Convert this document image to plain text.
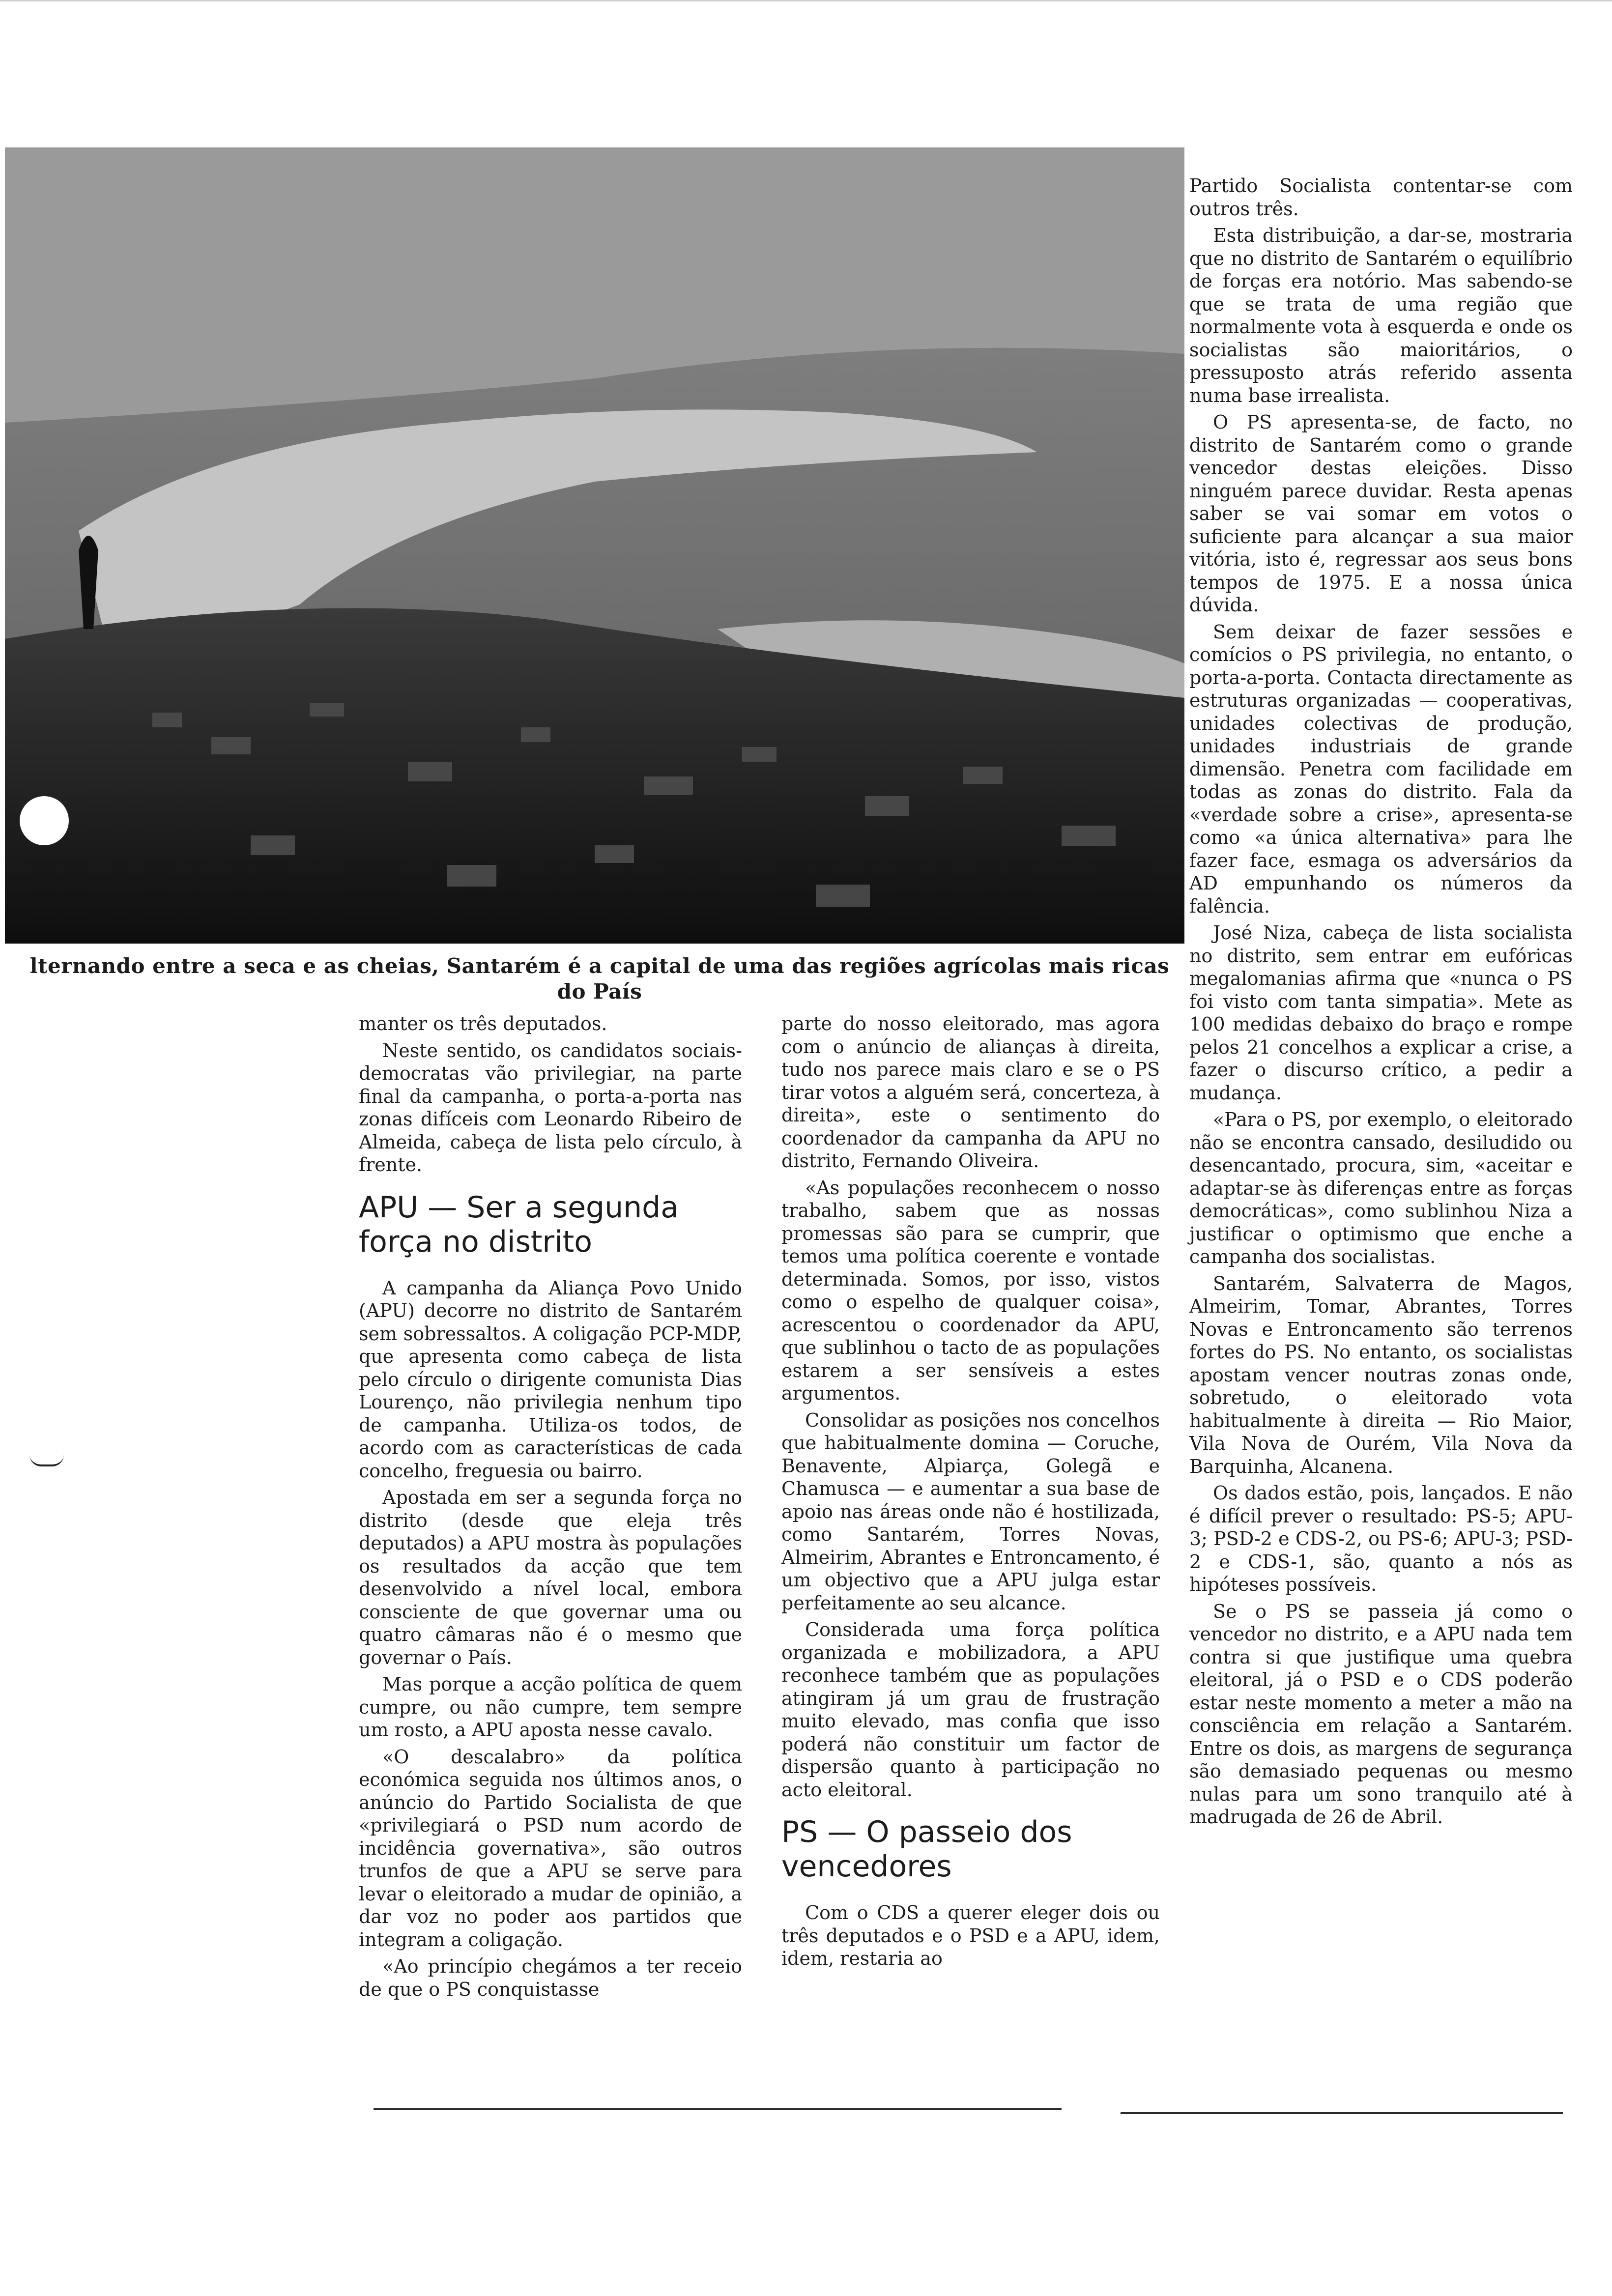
lternando entre a seca e as cheias, Santarém é a capital de uma das regiões agrícolas mais ricas
do País

manter os três deputados.

Neste sentido, os candidatos sociais-democratas vão privilegiar, na parte final da campanha, o porta-a-porta nas zonas difíceis com Leonardo Ribeiro de Almeida, cabeça de lista pelo círculo, à frente.

APU — Ser a segunda força no distrito

A campanha da Aliança Povo Unido (APU) decorre no distrito de Santarém sem sobressaltos. A coligação PCP-MDP, que apresenta como cabeça de lista pelo círculo o dirigente comunista Dias Lourenço, não privilegia nenhum tipo de campanha. Utiliza-os todos, de acordo com as características de cada concelho, freguesia ou bairro.

Apostada em ser a segunda força no distrito (desde que eleja três deputados) a APU mostra às populações os resultados da acção que tem desenvolvido a nível local, embora consciente de que governar uma ou quatro câmaras não é o mesmo que governar o País.

Mas porque a acção política de quem cumpre, ou não cumpre, tem sempre um rosto, a APU aposta nesse cavalo.

«O descalabro» da política económica seguida nos últimos anos, o anúncio do Partido Socialista de que «privilegiará o PSD num acordo de incidência governativa», são outros trunfos de que a APU se serve para levar o eleitorado a mudar de opinião, a dar voz no poder aos partidos que integram a coligação.

«Ao princípio chegámos a ter receio de que o PS conquistasse

parte do nosso eleitorado, mas agora com o anúncio de alianças à direita, tudo nos parece mais claro e se o PS tirar votos a alguém será, concerteza, à direita», este o sentimento do coordenador da campanha da APU no distrito, Fernando Oliveira.

«As populações reconhecem o nosso trabalho, sabem que as nossas promessas são para se cumprir, que temos uma política coerente e vontade determinada. Somos, por isso, vistos como o espelho de qualquer coisa», acrescentou o coordenador da APU, que sublinhou o tacto de as populações estarem a ser sensíveis a estes argumentos.

Consolidar as posições nos concelhos que habitualmente domina — Coruche, Benavente, Alpiarça, Golegã e Chamusca — e aumentar a sua base de apoio nas áreas onde não é hostilizada, como Santarém, Torres Novas, Almeirim, Abrantes e Entroncamento, é um objectivo que a APU julga estar perfeitamente ao seu alcance.

Considerada uma força política organizada e mobilizadora, a APU reconhece também que as populações atingiram já um grau de frustração muito elevado, mas confia que isso poderá não constituir um factor de dispersão quanto à participação no acto eleitoral.

PS — O passeio dos vencedores

Com o CDS a querer eleger dois ou três deputados e o PSD e a APU, idem, idem, restaria ao

Partido Socialista contentar-se com outros três.

Esta distribuição, a dar-se, mostraria que no distrito de Santarém o equilíbrio de forças era notório. Mas sabendo-se que se trata de uma região que normalmente vota à esquerda e onde os socialistas são maioritários, o pressuposto atrás referido assenta numa base irrealista.

O PS apresenta-se, de facto, no distrito de Santarém como o grande vencedor destas eleições. Disso ninguém parece duvidar. Resta apenas saber se vai somar em votos o suficiente para alcançar a sua maior vitória, isto é, regressar aos seus bons tempos de 1975. E a nossa única dúvida.

Sem deixar de fazer sessões e comícios o PS privilegia, no entanto, o porta-a-porta. Contacta directamente as estruturas organizadas — cooperativas, unidades colectivas de produção, unidades industriais de grande dimensão. Penetra com facilidade em todas as zonas do distrito. Fala da «verdade sobre a crise», apresenta-se como «a única alternativa» para lhe fazer face, esmaga os adversários da AD empunhando os números da falência.

José Niza, cabeça de lista socialista no distrito, sem entrar em eufóricas megalomanias afirma que «nunca o PS foi visto com tanta simpatia». Mete as 100 medidas debaixo do braço e rompe pelos 21 concelhos a explicar a crise, a fazer o discurso crítico, a pedir a mudança.

«Para o PS, por exemplo, o eleitorado não se encontra cansado, desiludido ou desencantado, procura, sim, «aceitar e adaptar-se às diferenças entre as forças democráticas», como sublinhou Niza a justificar o optimismo que enche a campanha dos socialistas.

Santarém, Salvaterra de Magos, Almeirim, Tomar, Abrantes, Torres Novas e Entroncamento são terrenos fortes do PS. No entanto, os socialistas apostam vencer noutras zonas onde, sobretudo, o eleitorado vota habitualmente à direita — Rio Maior, Vila Nova de Ourém, Vila Nova da Barquinha, Alcanena.

Os dados estão, pois, lançados. E não é difícil prever o resultado: PS-5; APU-3; PSD-2 e CDS-2, ou PS-6; APU-3; PSD-2 e CDS-1, são, quanto a nós as hipóteses possíveis.

Se o PS se passeia já como o vencedor no distrito, e a APU nada tem contra si que justifique uma quebra eleitoral, já o PSD e o CDS poderão estar neste momento a meter a mão na consciência em relação a Santarém. Entre os dois, as margens de segurança são demasiado pequenas ou mesmo nulas para um sono tranquilo até à madrugada de 26 de Abril.
